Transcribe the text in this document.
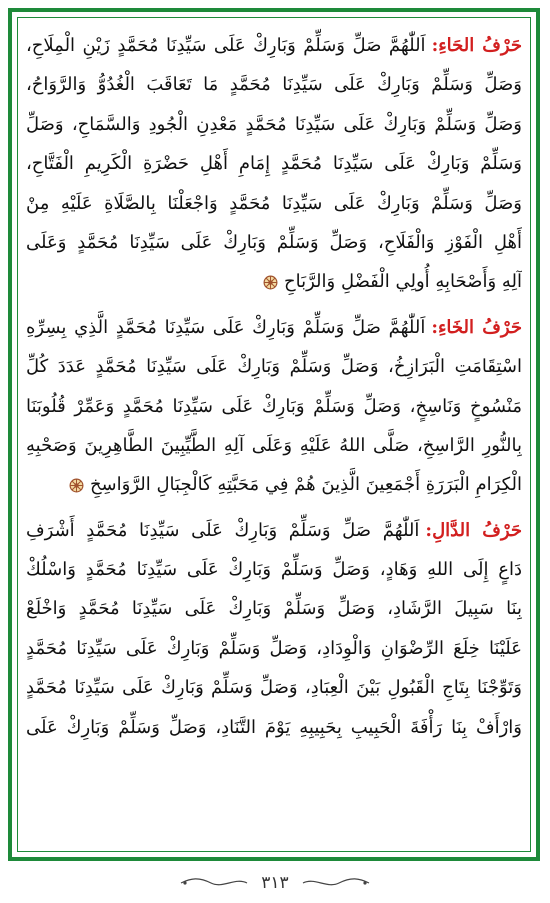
حَرْفُ الحَاءِ:اَللّٰهُمَّ صَلِّ وَسَلِّمْ وَبَارِكْ عَلَى سَيِّدِنَا مُحَمَّدٍ زَيْنِ الْمِلَاحِ،
وَصَلِّ وَسَلِّمْ وَبَارِكْ عَلَى سَيِّدِنَا مُحَمَّدٍ مَا تَعَاقَبَ الْغُدُوُّ وَالرَّوَاحُ،
وَصَلِّ وَسَلِّمْ وَبَارِكْ عَلَى سَيِّدِنَا مُحَمَّدٍ مَعْدِنِ الْجُودِ وَالسَّمَاحِ، وَصَلِّ
وَسَلِّمْ وَبَارِكْ عَلَى سَيِّدِنَا مُحَمَّدٍ إِمَامِ أَهْلِ حَضْرَةِ الْكَرِيمِ الْفَتَّاحِ،
وَصَلِّ وَسَلِّمْ وَبَارِكْ عَلَى سَيِّدِنَا مُحَمَّدٍ وَاجْعَلْنَا بِالصَّلَاةِ عَلَيْهِ مِنْ
أَهْلِ الْفَوْزِ وَالْفَلَاحِ، وَصَلِّ وَسَلِّمْ وَبَارِكْ عَلَى سَيِّدِنَا مُحَمَّدٍ وَعَلَى
آلِهِ وَأَصْحَابِهِ أُولِي الْفَضْلِ وَالرَّبَاحِ
حَرْفُ الخَاءِ:اَللّٰهُمَّ صَلِّ وَسَلِّمْ وَبَارِكْ عَلَى سَيِّدِنَا مُحَمَّدٍ الَّذِي بِسِرِّهِ
اسْتِقَامَتِ الْبَرَازِخُ، وَصَلِّ وَسَلِّمْ وَبَارِكْ عَلَى سَيِّدِنَا مُحَمَّدٍ عَدَدَ كُلِّ
مَنْسُوخٍ وَنَاسِخٍ، وَصَلِّ وَسَلِّمْ وَبَارِكْ عَلَى سَيِّدِنَا مُحَمَّدٍ وَعَمِّرْ قُلُوبَنَا
بِالنُّورِ الرَّاسِخِ، صَلَّى اللهُ عَلَيْهِ وَعَلَى آلِهِ الطَّيِّبِينَ الطَّاهِرِينَ وَصَحْبِهِ
الْكِرَامِ الْبَرَرَةِ أَجْمَعِينَ الَّذِينَ هُمْ فِي مَحَبَّتِهِ كَالْجِبَالِ الرَّوَاسِخِ
حَرْفُ الدَّالِ:اَللّٰهُمَّ صَلِّ وَسَلِّمْ وَبَارِكْ عَلَى سَيِّدِنَا مُحَمَّدٍ أَشْرَفِ
دَاعٍ إِلَى اللهِ وَهَادٍ، وَصَلِّ وَسَلِّمْ وَبَارِكْ عَلَى سَيِّدِنَا مُحَمَّدٍ وَاسْلُكْ
بِنَا سَبِيلَ الرَّشَادِ، وَصَلِّ وَسَلِّمْ وَبَارِكْ عَلَى سَيِّدِنَا مُحَمَّدٍ وَاخْلَعْ
عَلَيْنَا خِلَعَ الرِّضْوَانِ وَالْوِدَادِ، وَصَلِّ وَسَلِّمْ وَبَارِكْ عَلَى سَيِّدِنَا مُحَمَّدٍ
وَتَوِّجْنَا بِتَاجِ الْقَبُولِ بَيْنَ الْعِبَادِ، وَصَلِّ وَسَلِّمْ وَبَارِكْ عَلَى سَيِّدِنَا مُحَمَّدٍ
وَارْأَفْ بِنَا رَأْفَةَ الْحَبِيبِ بِحَبِيبِهِ يَوْمَ التَّنَادِ، وَصَلِّ وَسَلِّمْ وَبَارِكْ عَلَى
٣١٣
